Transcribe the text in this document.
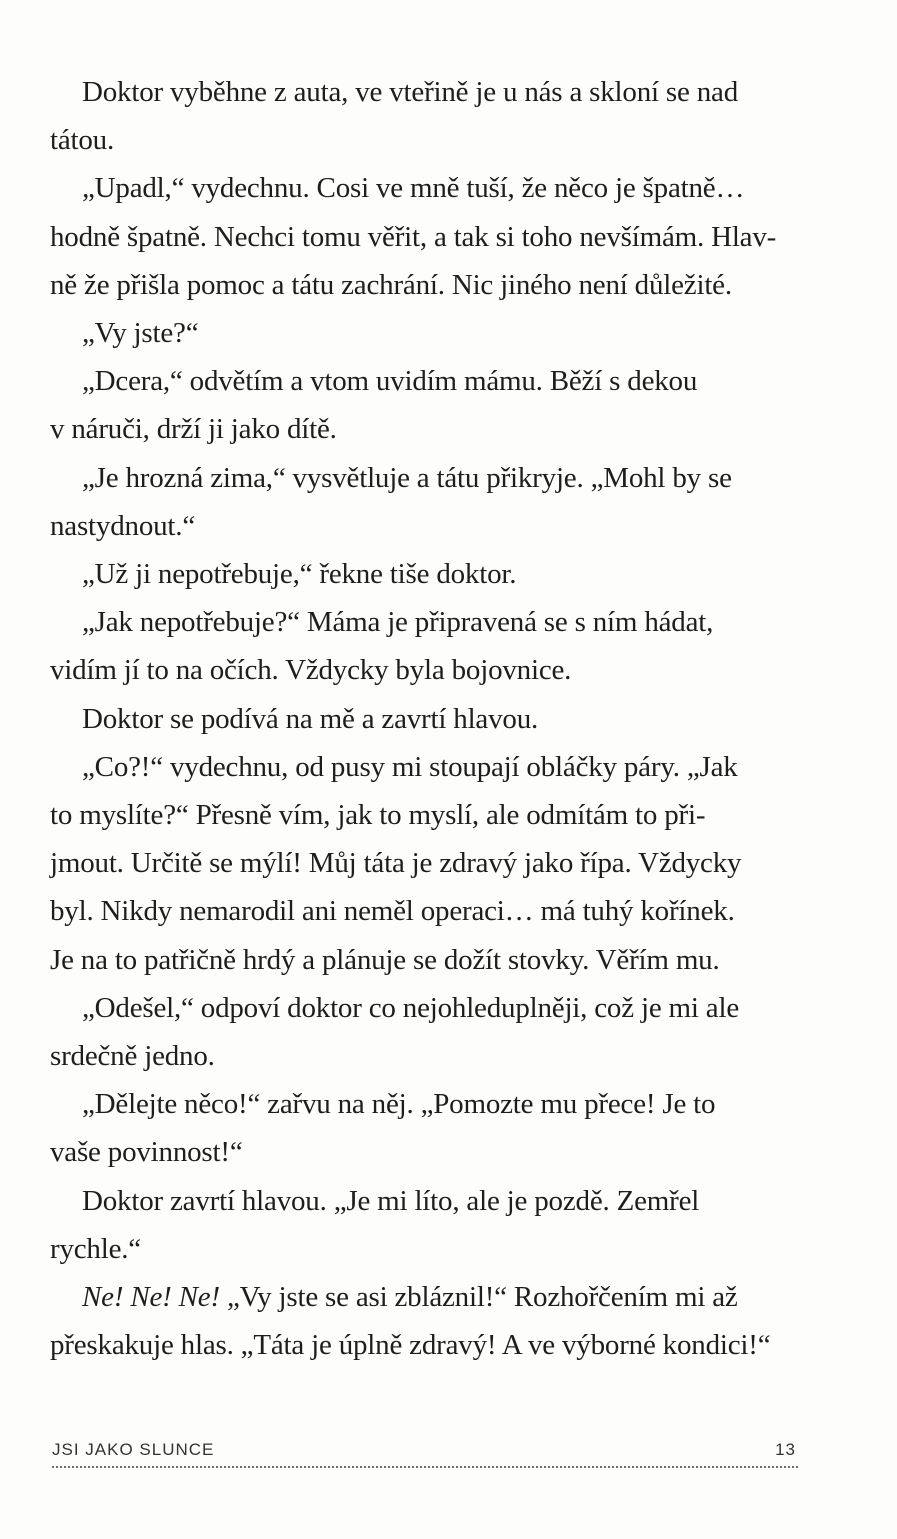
Doktor vyběhne z auta, ve vteřině je u nás a skloní se nad
tátou.

„Upadl,“ vydechnu. Cosi ve mně tuší, že něco je špatně…
hodně špatně. Nechci tomu věřit, a tak si toho nevšímám. Hlav-
ně že přišla pomoc a tátu zachrání. Nic jiného není důležité.

„Vy jste?“

„Dcera,“ odvětím a vtom uvidím mámu. Běží s dekou
v náruči, drží ji jako dítě.

„Je hrozná zima,“ vysvětluje a tátu přikryje. „Mohl by se
nastydnout.“

„Už ji nepotřebuje,“ řekne tiše doktor.

„Jak nepotřebuje?“ Máma je připravená se s ním hádat,
vidím jí to na očích. Vždycky byla bojovnice.

Doktor se podívá na mě a zavrtí hlavou.

„Co?!“ vydechnu, od pusy mi stoupají obláčky páry. „Jak
to myslíte?“ Přesně vím, jak to myslí, ale odmítám to při-
jmout. Určitě se mýlí! Můj táta je zdravý jako řípa. Vždycky
byl. Nikdy nemarodil ani neměl operaci… má tuhý kořínek.
Je na to patřičně hrdý a plánuje se dožít stovky. Věřím mu.

„Odešel,“ odpoví doktor co nejohleduplněji, což je mi ale
srdečně jedno.

„Dělejte něco!“ zařvu na něj. „Pomozte mu přece! Je to
vaše povinnost!“

Doktor zavrtí hlavou. „Je mi líto, ale je pozdě. Zemřel
rychle.“

Ne! Ne! Ne! „Vy jste se asi zbláznil!“ Rozhořčením mi až
přeskakuje hlas. „Táta je úplně zdravý! A ve výborné kondici!“

JSI JAKO SLUNCE	13
